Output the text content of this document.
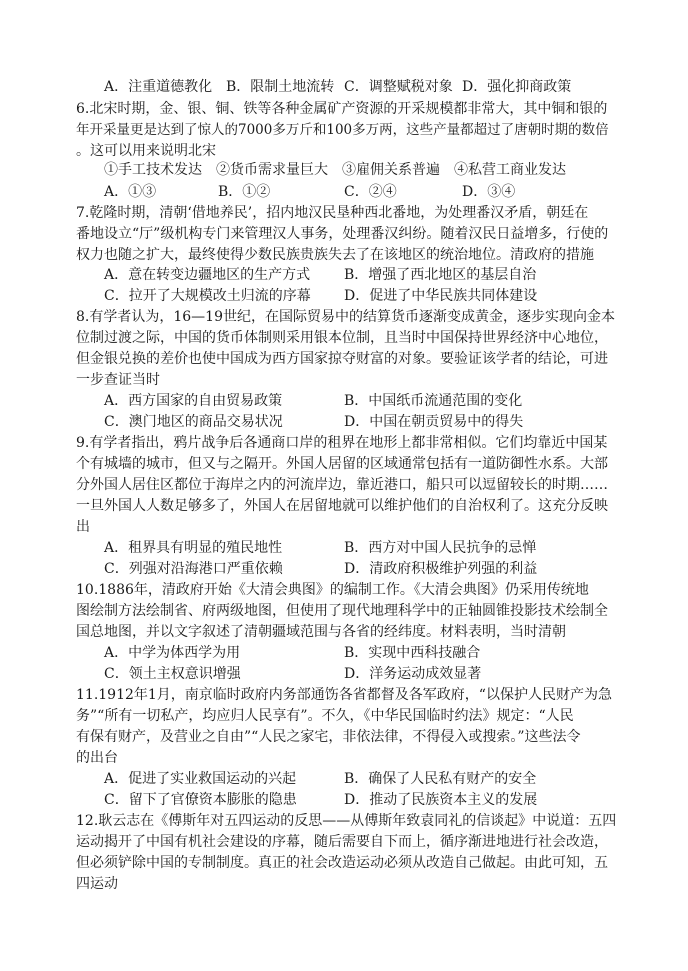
A．注重道德教化 B．限制土地流转 C．调整赋税对象 D．强化抑商政策
6.北宋时期，金、银、铜、铁等各种金属矿产资源的开采规模都非常大，其中铜和银的
年开采量更是达到了惊人的7000多万斤和100多万两，这些产量都超过了唐朝时期的数倍
。这可以用来说明北宋
①手工技术发达　②货币需求量巨大　③雇佣关系普遍　④私营工商业发达
A．①③	B．①②	C．②④	D．③④
7.乾隆时期，清朝‘借地养民’，招内地汉民垦种西北番地，为处理番汉矛盾，朝廷在
番地设立“厅”级机构专门来管理汉人事务，处理番汉纠纷。随着汉民日益增多，行使的
权力也随之扩大，最终使得少数民族贵族失去了在该地区的统治地位。清政府的措施
A．意在转变边疆地区的生产方式 B．增强了西北地区的基层自治
C．拉开了大规模改土归流的序幕 D．促进了中华民族共同体建设
8.有学者认为，16—19世纪，在国际贸易中的结算货币逐渐变成黄金，逐步实现向金本
位制过渡之际，中国的货币体制则采用银本位制，且当时中国保持世界经济中心地位，
但金银兑换的差价也使中国成为西方国家掠夺财富的对象。要验证该学者的结论，可进
一步查证当时
A．西方国家的自由贸易政策	B．中国纸币流通范围的变化
C．澳门地区的商品交易状况	D．中国在朝贡贸易中的得失
9.有学者指出，鸦片战争后各通商口岸的租界在地形上都非常相似。它们均靠近中国某
个有城墙的城市，但又与之隔开。外国人居留的区域通常包括有一道防御性水系。大部
分外国人居住区都位于海岸之内的河流岸边，靠近港口，船只可以逗留较长的时期……
一旦外国人人数足够多了，外国人在居留地就可以维护他们的自治权利了。这充分反映
出
A．租界具有明显的殖民地性	B．西方对中国人民抗争的忌惮
C．列强对沿海港口严重依赖	D．清政府积极维护列强的利益
10.1886年，清政府开始《大清会典图》的编制工作。《大清会典图》仍采用传统地
图绘制方法绘制省、府两级地图，但使用了现代地理科学中的正轴圆锥投影技术绘制全
国总地图，并以文字叙述了清朝疆域范围与各省的经纬度。材料表明，当时清朝
A．中学为体西学为用	B．实现中西科技融合
C．领土主权意识增强	D．洋务运动成效显著
11.1912年1月，南京临时政府内务部通饬各省都督及各军政府，“以保护人民财产为急
务”“所有一切私产，均应归人民享有”。不久，《中华民国临时约法》规定：“人民
有保有财产，及营业之自由”“人民之家宅，非依法律，不得侵入或搜索。”这些法令
的出台
A．促进了实业救国运动的兴起	B．确保了人民私有财产的安全
C．留下了官僚资本膨胀的隐患	D．推动了民族资本主义的发展
12.耿云志在《傅斯年对五四运动的反思——从傅斯年致袁同礼的信谈起》中说道：五四
运动揭开了中国有机社会建设的序幕，随后需要自下而上，循序渐进地进行社会改造，
但必须铲除中国的专制制度。真正的社会改造运动必须从改造自己做起。由此可知，五
四运动
